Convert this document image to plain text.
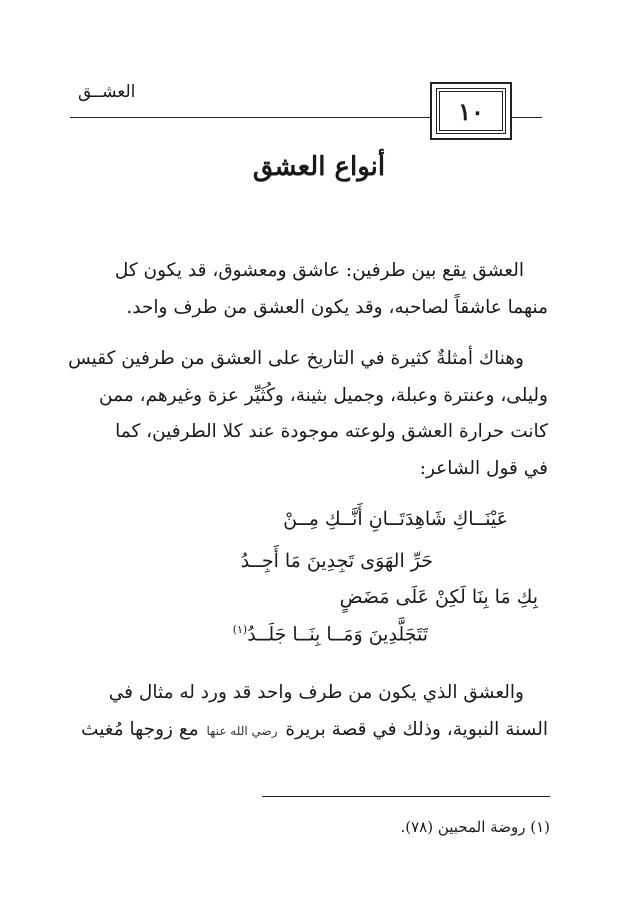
العشــق
١٠
أنواع العشق

العشق يقع بين طرفين: عاشق ومعشوق، قد يكون كل
منهما عاشقاً لصاحبه، وقد يكون العشق من طرف واحد.

وهناك أمثلةٌ كثيرة في التاريخ على العشق من طرفين كقيس
وليلى، وعنترة وعبلة، وجميل بثينة، وكُثَيِّر عزة وغيرهم، ممن
كانت حرارة العشق ولوعته موجودة عند كلا الطرفين، كما
في قول الشاعر:

عَيْنَــاكِ شَاهِدَتَــانِ أَنَّــكِ مِــنْ
حَرِّ الهَوَى تَجِدِينَ مَا أَجِــدُ
بِكِ مَا بِنَا لَكِنْ عَلَى مَضَضٍ
تَتَجَلَّدِينَ وَمَــا بِنَــا جَلَــدُ$^{(١)}$

والعشق الذي يكون من طرف واحد قد ورد له مثال في
السنة النبوية، وذلك في قصة بريرة رضي الله عنها مع زوجها مُغيث

(١) روضة المحبين (٧٨).
